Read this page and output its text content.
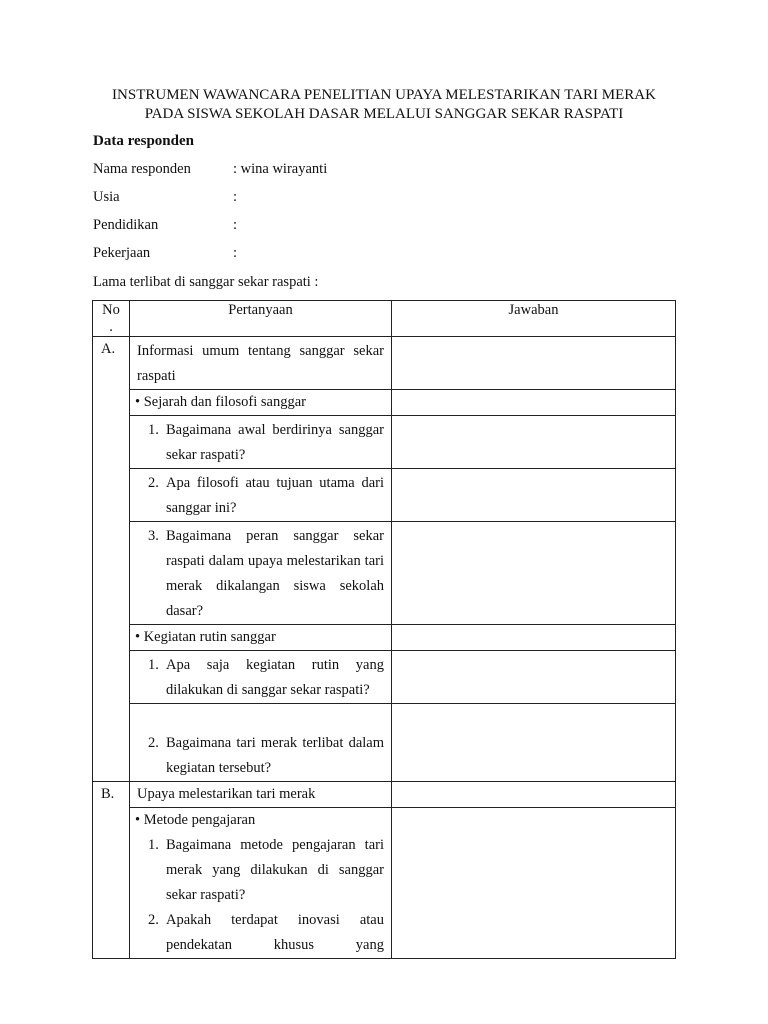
INSTRUMEN WAWANCARA PENELITIAN UPAYA MELESTARIKAN TARI MERAK
PADA SISWA SEKOLAH DASAR MELALUI SANGGAR SEKAR RASPATI
Data responden
Nama responden	: wina wirayanti
Usia	:
Pendidikan	:
Pekerjaan	:
Lama terlibat di sanggar sekar raspati :
No
.	Pertanyaan	Jawaban
A.	Informasi umum tentang sanggar sekar raspati	

	• Sejarah dan filosofi sanggar	

	1. Bagaimana awal berdirinya sanggar sekar raspati?	

	2. Apa filosofi atau tujuan utama dari sanggar ini?	

	3. Bagaimana peran sanggar sekar raspati dalam upaya melestarikan tari merak dikalangan siswa sekolah dasar?	

	• Kegiatan rutin sanggar	

	1. Apa saja kegiatan rutin yang dilakukan di sanggar sekar raspati?	

	2. Bagaimana tari merak terlibat dalam kegiatan tersebut?	

B.	Upaya melestarikan tari merak	

	• Metode pengajaran
1. Bagaimana metode pengajaran tari merak yang dilakukan di sanggar sekar raspati?
2. Apakah terdapat inovasi atau pendekatan khusus yang	
